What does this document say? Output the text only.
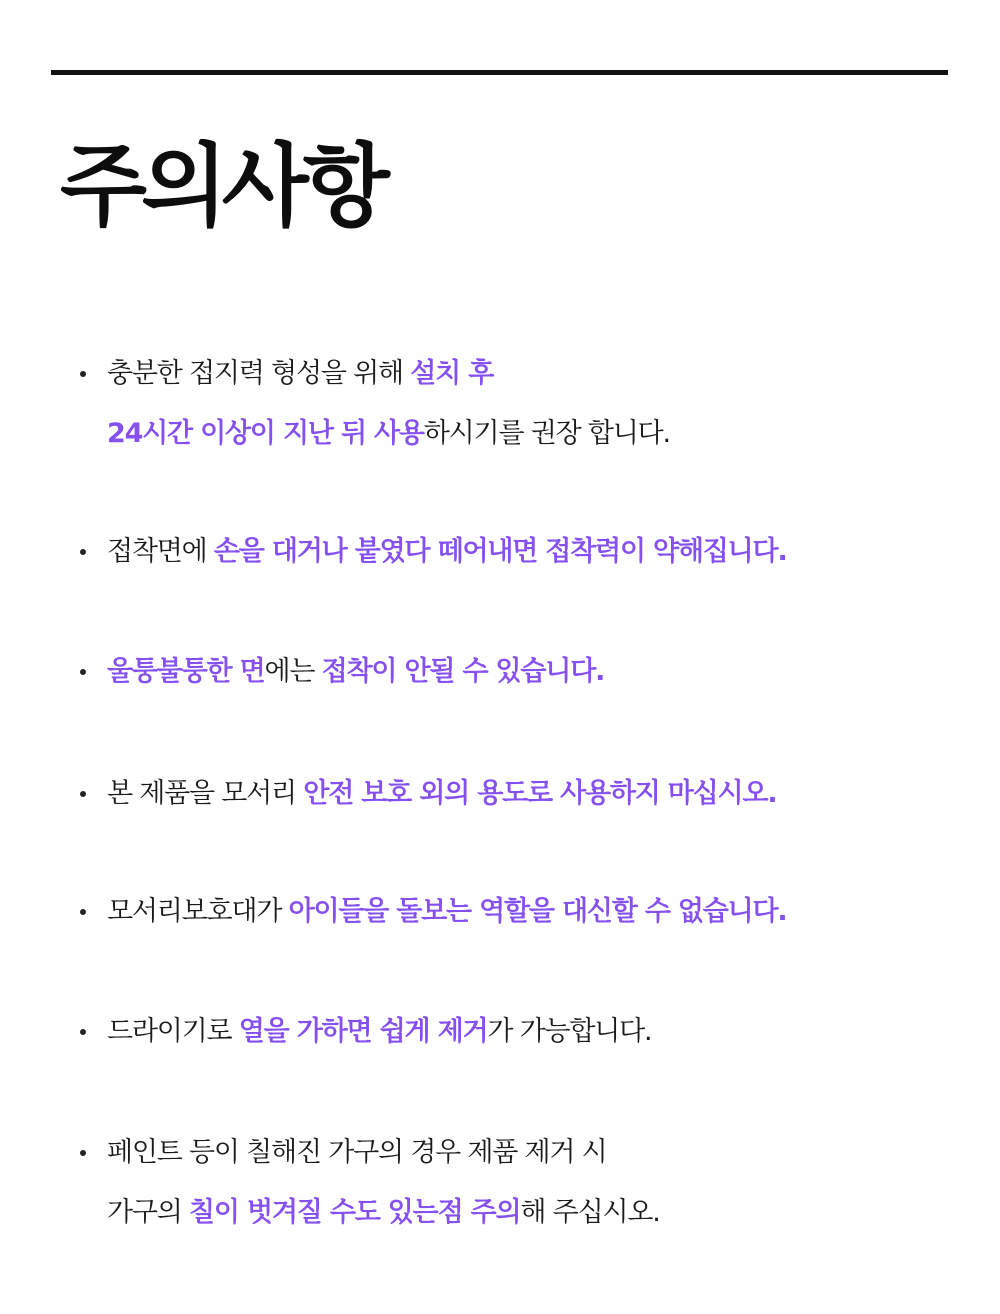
주의사항
충분한 접지력 형성을 위해 설치 후
24시간 이상이 지난 뒤 사용하시기를 권장 합니다.
접착면에 손을 대거나 붙였다 떼어내면 접착력이 약해집니다.
울퉁불퉁한 면에는 접착이 안될 수 있습니다.
본 제품을 모서리 안전 보호 외의 용도로 사용하지 마십시오.
모서리보호대가 아이들을 돌보는 역할을 대신할 수 없습니다.
드라이기로 열을 가하면 쉽게 제거가 가능합니다.
페인트 등이 칠해진 가구의 경우 제품 제거 시
가구의 칠이 벗겨질 수도 있는점 주의해 주십시오.
